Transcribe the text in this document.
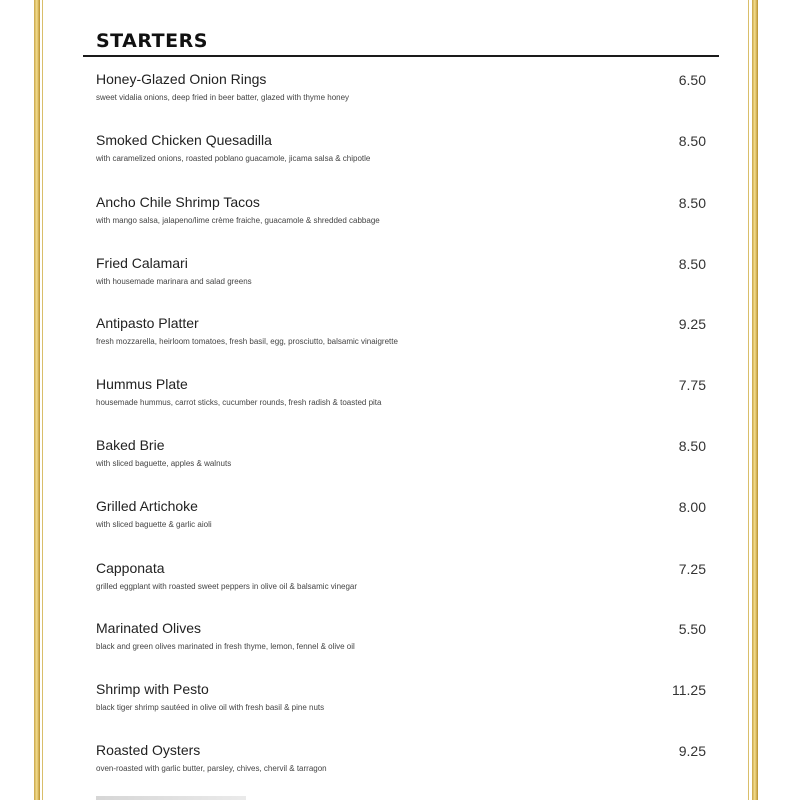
STARTERS
Honey-Glazed Onion Rings
sweet vidalia onions, deep fried in beer batter, glazed with thyme honey
6.50
Smoked Chicken Quesadilla
with caramelized onions, roasted poblano guacamole, jicama salsa & chipotle
8.50
Ancho Chile Shrimp Tacos
with mango salsa, jalapeno/lime crème fraiche, guacamole & shredded cabbage
8.50
Fried Calamari
with housemade marinara and salad greens
8.50
Antipasto Platter
fresh mozzarella, heirloom tomatoes, fresh basil, egg, prosciutto, balsamic vinaigrette
9.25
Hummus Plate
housemade hummus, carrot sticks, cucumber rounds, fresh radish & toasted pita
7.75
Baked Brie
with sliced baguette, apples & walnuts
8.50
Grilled Artichoke
with sliced baguette & garlic aioli
8.00
Capponata
grilled eggplant with roasted sweet peppers in olive oil & balsamic vinegar
7.25
Marinated Olives
black and green olives marinated in fresh thyme, lemon, fennel & olive oil
5.50
Shrimp with Pesto
black tiger shrimp sautéed in olive oil with fresh basil & pine nuts
11.25
Roasted Oysters
oven-roasted with garlic butter, parsley, chives, chervil & tarragon
9.25
